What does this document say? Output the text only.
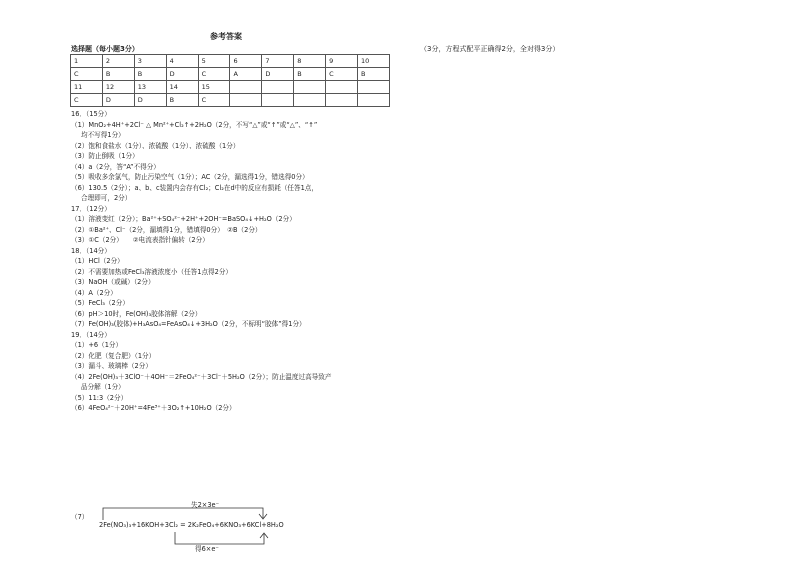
参考答案
选择题（每小题3分）	（3分，方程式配平正确得2分，全对得3分）
1	2	3	4	5	6	7	8	9	10
C	B	B	D	C	A	D	B	C	B
11	12	13	14	15					
C	D	D	B	C					
16．（15分）
（1）MnO₂+4H⁺+2Cl⁻ △ Mn²⁺+Cl₂↑+2H₂O（2分，不写“△”或“↑”或“△”、“↑”
均不写得1分）
（2）饱和食盐水（1分）、浓硫酸（1分）、浓硫酸（1分）
（3）防止倒吸（1分）
（4）a（2分，答“A”不得分）
（5）吸收多余氯气，防止污染空气（1分）；AC（2分，漏选得1分，错选得0分）
（6）130.5（2分）；a、b、c装置内会存有Cl₂；Cl₂在d中的反应有损耗（任答1点，
合理即可，2分）
17．（12分）
（1）溶液变红（2分）；Ba²⁺+SO₄²⁻+2H⁺+2OH⁻=BaSO₄↓+H₂O（2分）
（2）①Ba²⁺、Cl⁻（2分，漏填得1分，错填得0分）　②B（2分）
（3）①C（2分）　　②电流表指针偏转（2分）
18．（14分）
（1）HCl（2分）
（2）不需要加热或FeCl₃溶液浓度小（任答1点得2分）
（3）NaOH（或碱）（2分）
（4）A（2分）
（5）FeCl₃（2分）
（6）pH＞10时，Fe(OH)₃胶体溶解（2分）
（7）Fe(OH)₃(胶体)+H₃AsO₄=FeAsO₄↓+3H₂O（2分，不标明“胶体”得1分）
19．（14分）
（1）+6（1分）
（2）化肥（复合肥）（1分）
（3）漏斗、玻璃棒（2分）
（4）2Fe(OH)₃＋3ClO⁻＋4OH⁻＝2FeO₄²⁻＋3Cl⁻＋5H₂O（2分）；防止温度过高导致产
品分解（1分）
（5）11:3（2分）
（6）4FeO₄²⁻＋20H⁺=4Fe³⁺＋3O₂↑+10H₂O（2分）
（7）
失2×3e⁻
2Fe(NO₃)₃+16KOH+3Cl₂ = 2K₂FeO₄+6KNO₃+6KCl+8H₂O
得6×e⁻
